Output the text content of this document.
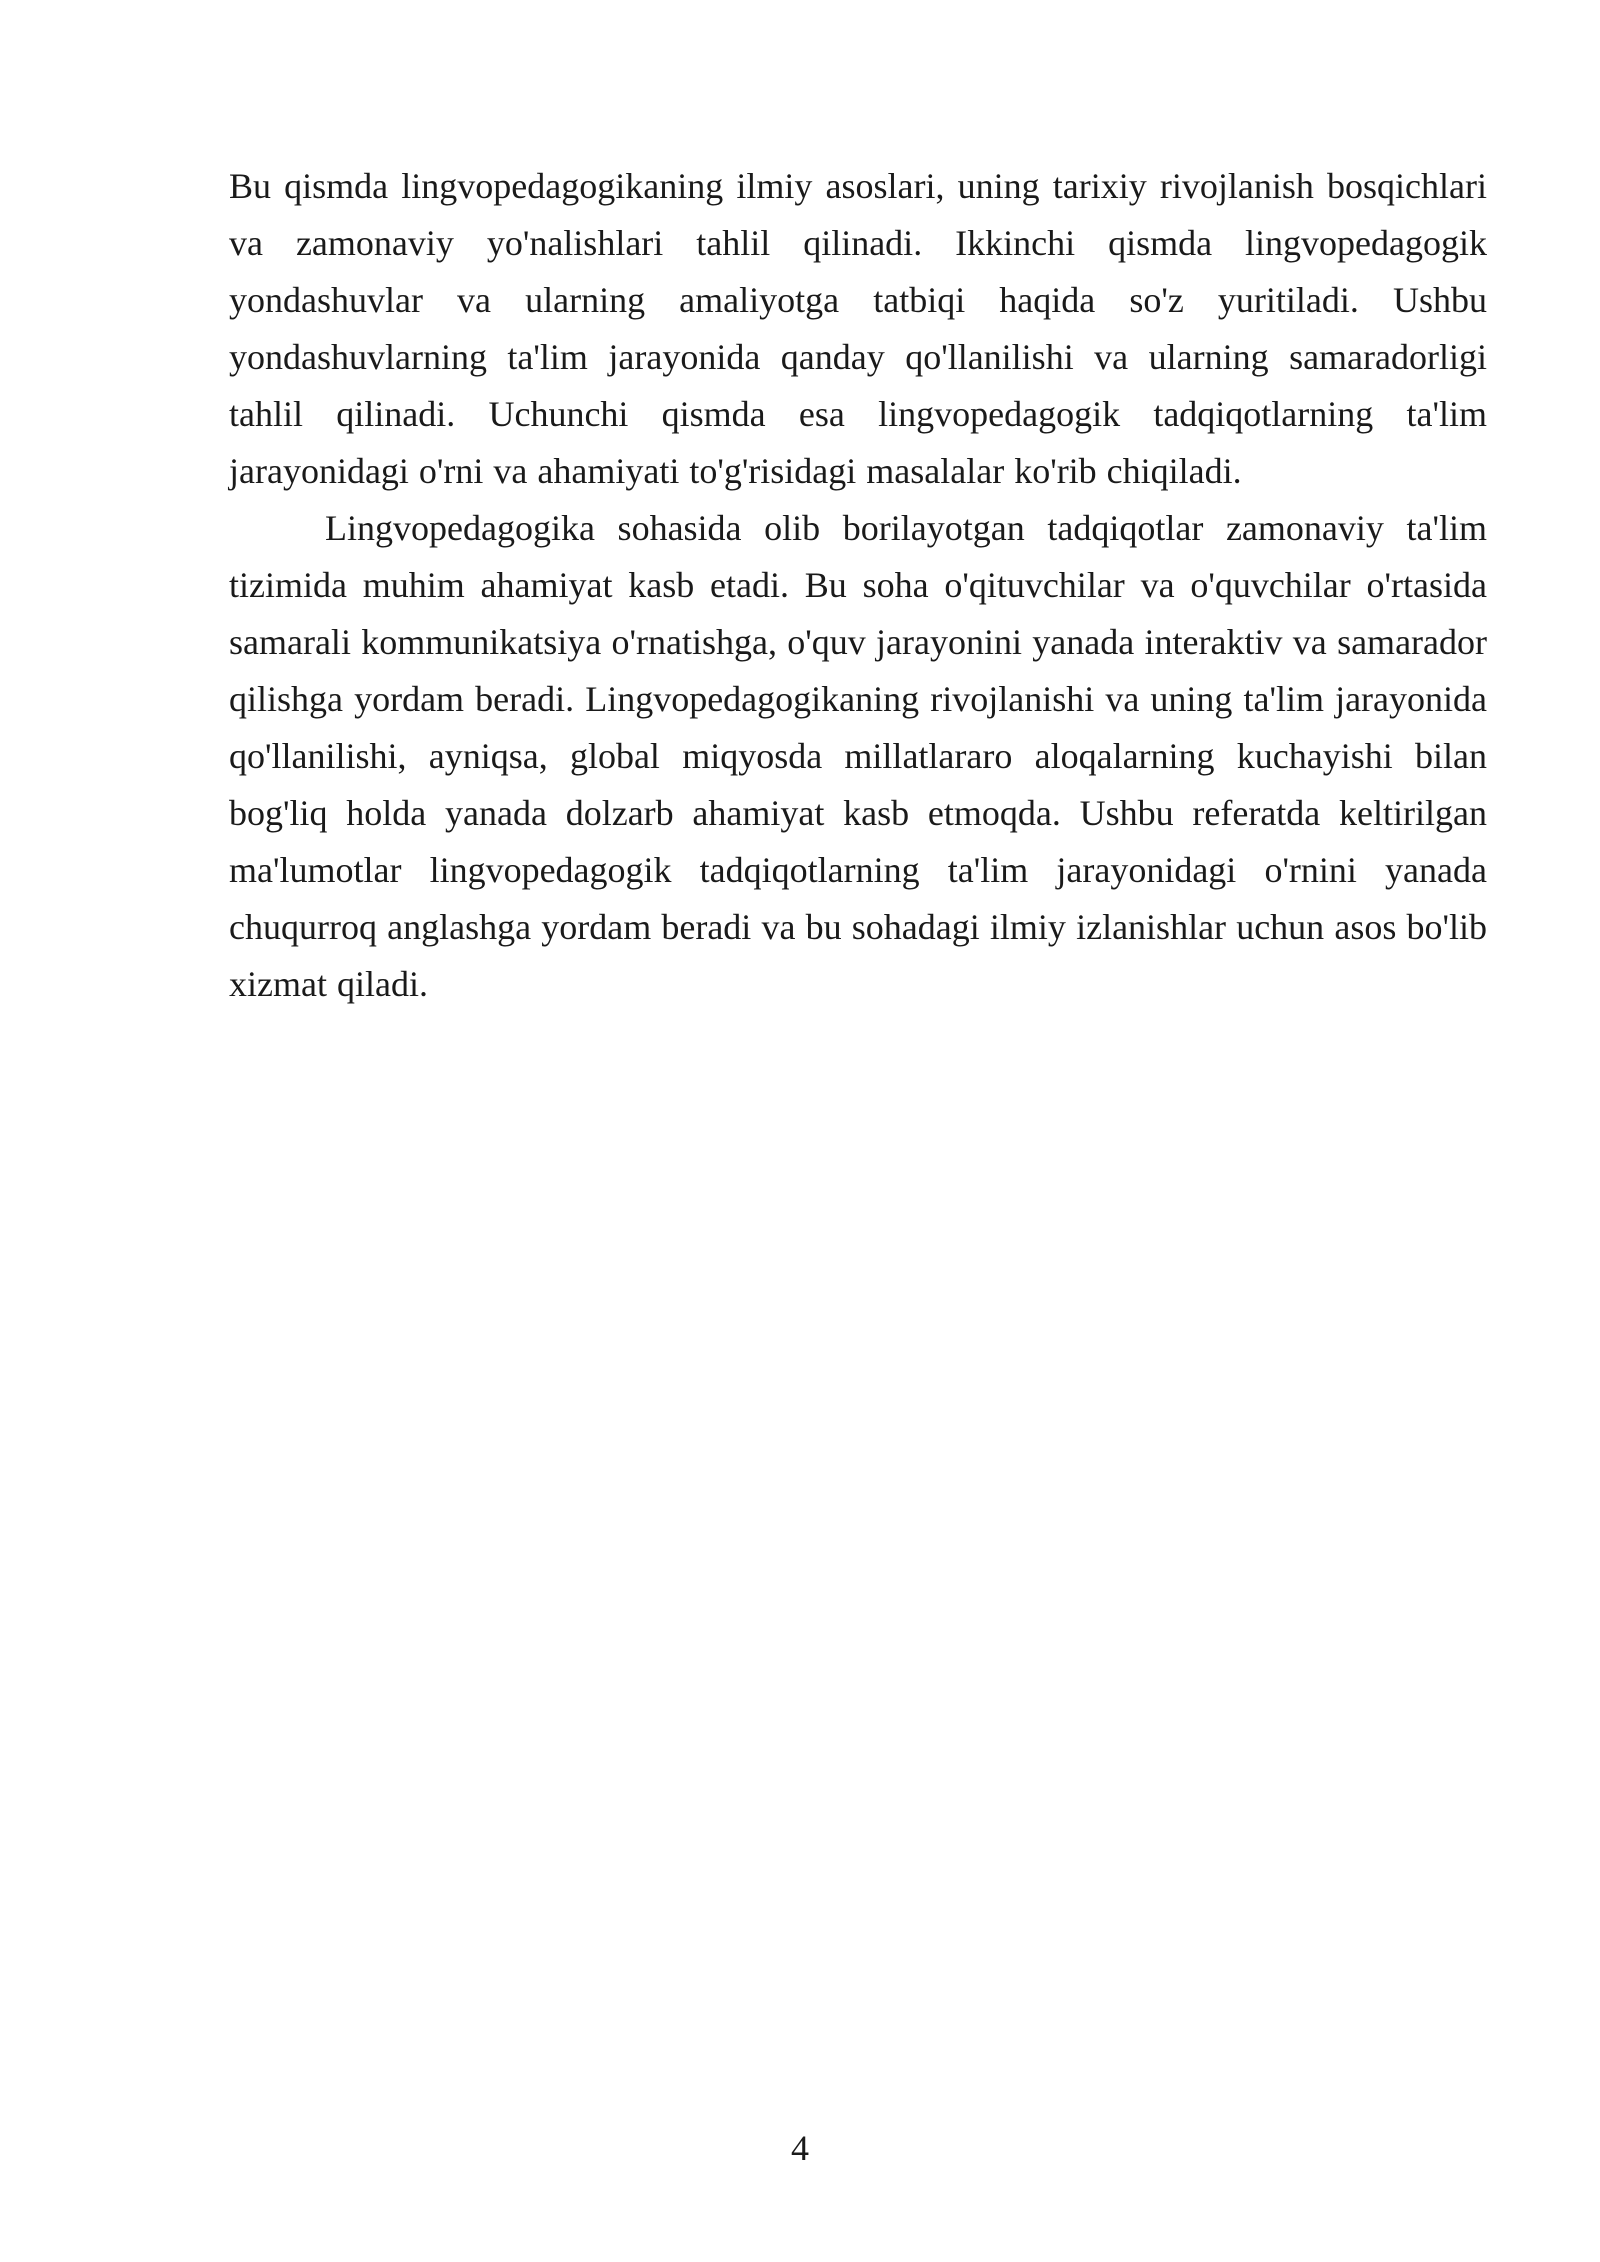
Bu qismda lingvopedagogikaning ilmiy asoslari, uning tarixiy rivojlanish bosqichlari va zamonaviy yo'nalishlari tahlil qilinadi. Ikkinchi qismda lingvopedagogik yondashuvlar va ularning amaliyotga tatbiqi haqida so'z yuritiladi. Ushbu yondashuvlarning ta'lim jarayonida qanday qo'llanilishi va ularning samaradorligi tahlil qilinadi. Uchunchi qismda esa lingvopedagogik tadqiqotlarning ta'lim jarayonidagi o'rni va ahamiyati to'g'risidagi masalalar ko'rib chiqiladi.

Lingvopedagogika sohasida olib borilayotgan tadqiqotlar zamonaviy ta'lim tizimida muhim ahamiyat kasb etadi. Bu soha o'qituvchilar va o'quvchilar o'rtasida samarali kommunikatsiya o'rnatishga, o'quv jarayonini yanada interaktiv va samarador qilishga yordam beradi. Lingvopedagogikaning rivojlanishi va uning ta'lim jarayonida qo'llanilishi, ayniqsa, global miqyosda millatlararo aloqalarning kuchayishi bilan bog'liq holda yanada dolzarb ahamiyat kasb etmoqda. Ushbu referatda keltirilgan ma'lumotlar lingvopedagogik tadqiqotlarning ta'lim jarayonidagi o'rnini yanada chuqurroq anglashga yordam beradi va bu sohadagi ilmiy izlanishlar uchun asos bo'lib xizmat qiladi.

4
